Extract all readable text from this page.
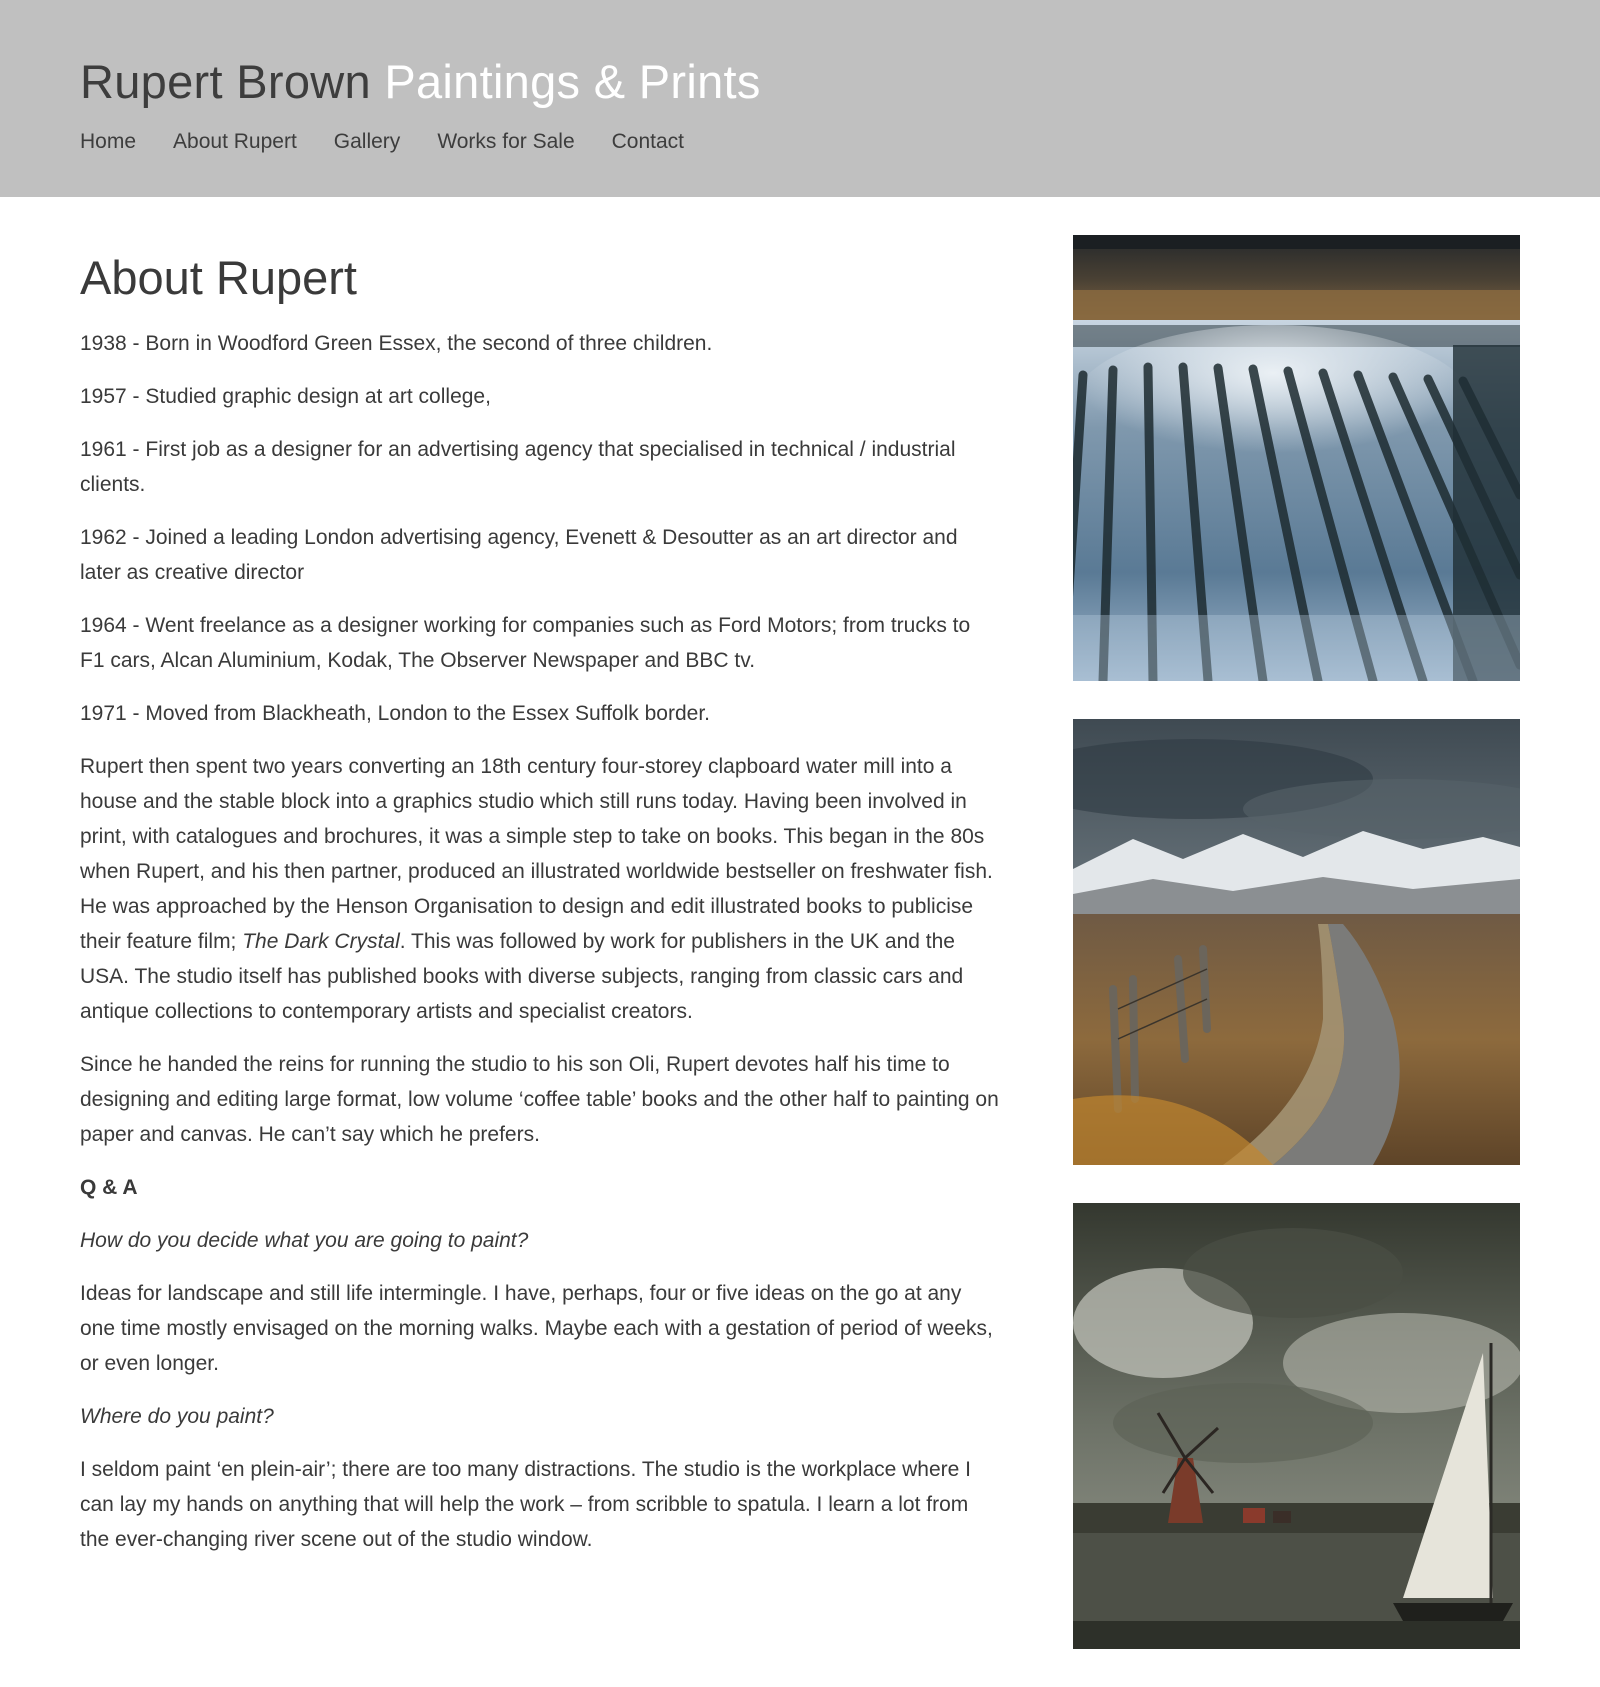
Rupert Brown Paintings & Prints
Home About Rupert Gallery Works for Sale Contact
About Rupert

1938 - Born in Woodford Green Essex, the second of three children.

1957 - Studied graphic design at art college,

1961 - First job as a designer for an advertising agency that specialised in technical / industrial clients.

1962 - Joined a leading London advertising agency, Evenett & Desoutter as an art director and later as creative director

1964 - Went freelance as a designer working for companies such as Ford Motors; from trucks to F1 cars, Alcan Aluminium, Kodak, The Observer Newspaper and BBC tv.

1971 - Moved from Blackheath, London to the Essex Suffolk border.

Rupert then spent two years converting an 18th century four-storey clapboard water mill into a house and the stable block into a graphics studio which still runs today. Having been involved in print, with catalogues and brochures, it was a simple step to take on books. This began in the 80s when Rupert, and his then partner, produced an illustrated worldwide bestseller on freshwater fish. He was approached by the Henson Organisation to design and edit illustrated books to publicise their feature film; The Dark Crystal. This was followed by work for publishers in the UK and the USA. The studio itself has published books with diverse subjects, ranging from classic cars and antique collections to contemporary artists and specialist creators.

Since he handed the reins for running the studio to his son Oli, Rupert devotes half his time to designing and editing large format, low volume ‘coffee table’ books and the other half to painting on paper and canvas. He can’t say which he prefers.

Q & A

How do you decide what you are going to paint?

Ideas for landscape and still life intermingle. I have, perhaps, four or five ideas on the go at any one time mostly envisaged on the morning walks. Maybe each with a gestation of period of weeks, or even longer.

Where do you paint?

I seldom paint ‘en plein-air’; there are too many distractions. The studio is the workplace where I can lay my hands on anything that will help the work – from scribble to spatula. I learn a lot from the ever-changing river scene out of the studio window.
